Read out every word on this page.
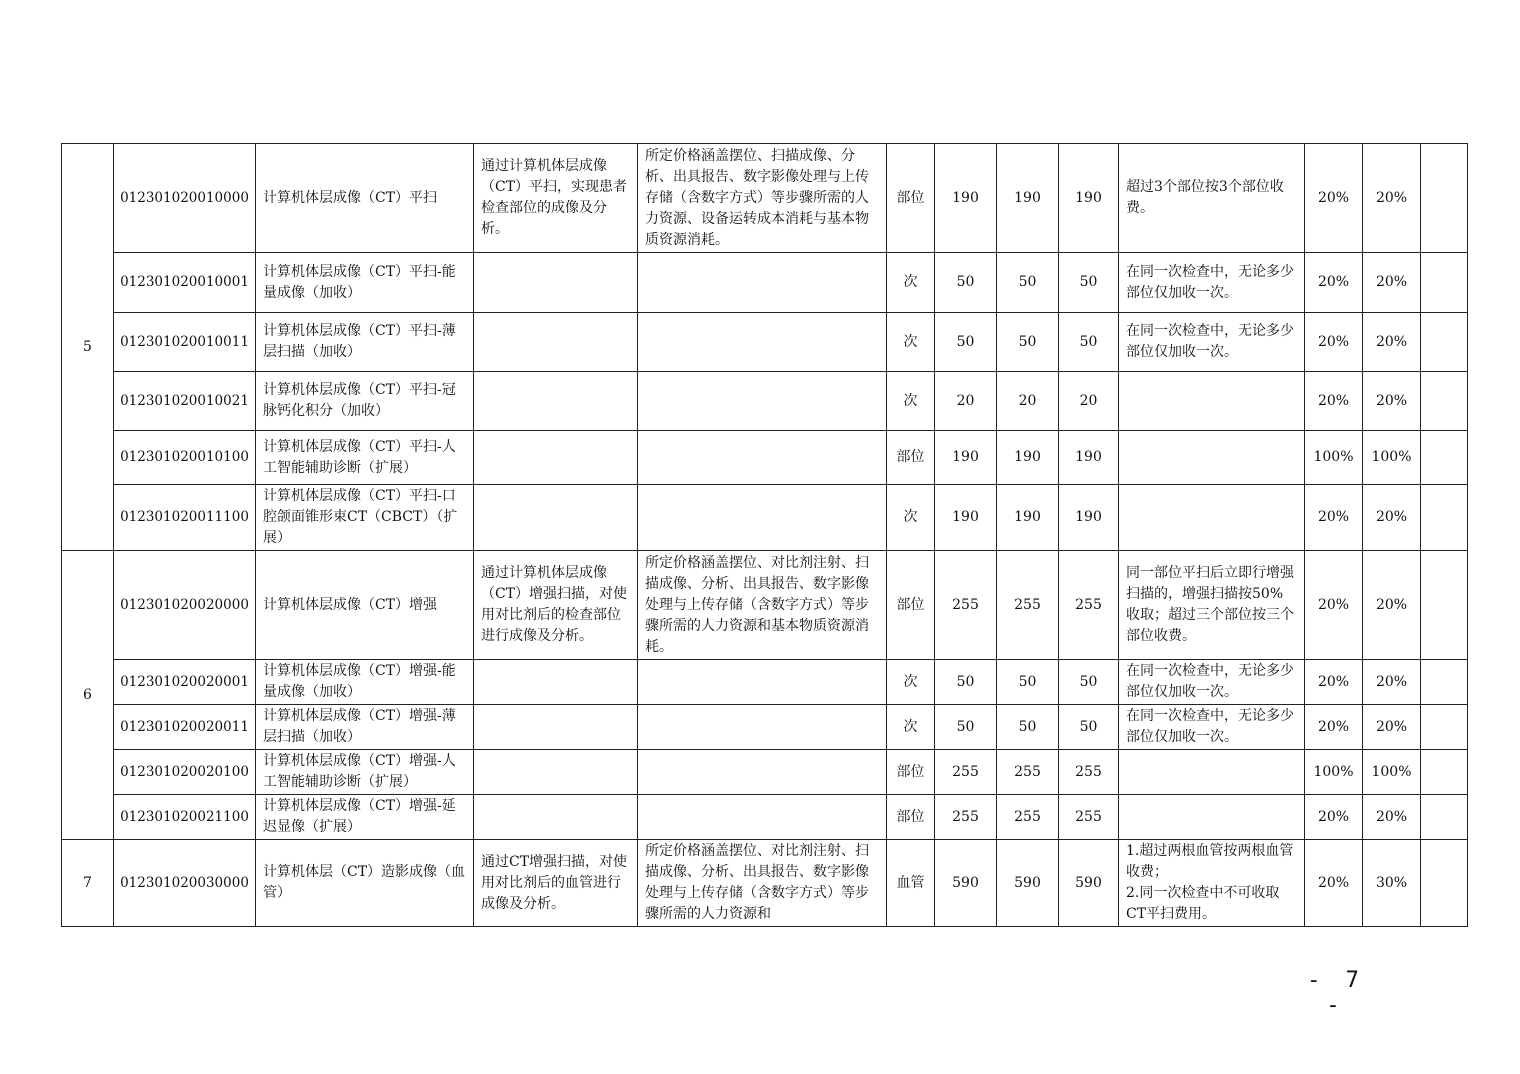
5	012301020010000	计算机体层成像（CT）平扫	通过计算机体层成像（CT）平扫，实现患者检查部位的成像及分析。	所定价格涵盖摆位、扫描成像、分析、出具报告、数字影像处理与上传存储（含数字方式）等步骤所需的人力资源、设备运转成本消耗与基本物质资源消耗。	部位	190	190	190	超过3个部位按3个部位收费。	20%	20%	
	012301020010001	计算机体层成像（CT）平扫-能量成像（加收）			次	50	50	50	在同一次检查中，无论多少部位仅加收一次。	20%	20%	
	012301020010011	计算机体层成像（CT）平扫-薄层扫描（加收）			次	50	50	50	在同一次检查中，无论多少部位仅加收一次。	20%	20%	
	012301020010021	计算机体层成像（CT）平扫-冠脉钙化积分（加收）			次	20	20	20		20%	20%	
	012301020010100	计算机体层成像（CT）平扫-人工智能辅助诊断（扩展）			部位	190	190	190		100%	100%	
	012301020011100	计算机体层成像（CT）平扫-口腔颌面锥形束CT（CBCT）（扩展）			次	190	190	190		20%	20%	
6	012301020020000	计算机体层成像（CT）增强	通过计算机体层成像（CT）增强扫描，对使用对比剂后的检查部位进行成像及分析。	所定价格涵盖摆位、对比剂注射、扫描成像、分析、出具报告、数字影像处理与上传存储（含数字方式）等步骤所需的人力资源和基本物质资源消耗。	部位	255	255	255	同一部位平扫后立即行增强扫描的，增强扫描按50%收取；超过三个部位按三个部位收费。	20%	20%	
	012301020020001	计算机体层成像（CT）增强-能量成像（加收）			次	50	50	50	在同一次检查中，无论多少部位仅加收一次。	20%	20%	
	012301020020011	计算机体层成像（CT）增强-薄层扫描（加收）			次	50	50	50	在同一次检查中，无论多少部位仅加收一次。	20%	20%	
	012301020020100	计算机体层成像（CT）增强-人工智能辅助诊断（扩展）			部位	255	255	255		100%	100%	
	012301020021100	计算机体层成像（CT）增强-延迟显像（扩展）			部位	255	255	255		20%	20%	
7	012301020030000	计算机体层（CT）造影成像（血管）	通过CT增强扫描，对使用对比剂后的血管进行成像及分析。	所定价格涵盖摆位、对比剂注射、扫描成像、分析、出具报告、数字影像处理与上传存储（含数字方式）等步骤所需的人力资源和	血管	590	590	590	1.超过两根血管按两根血管收费；
2.同一次检查中不可收取CT平扫费用。	20%	30%	
- 7 -
